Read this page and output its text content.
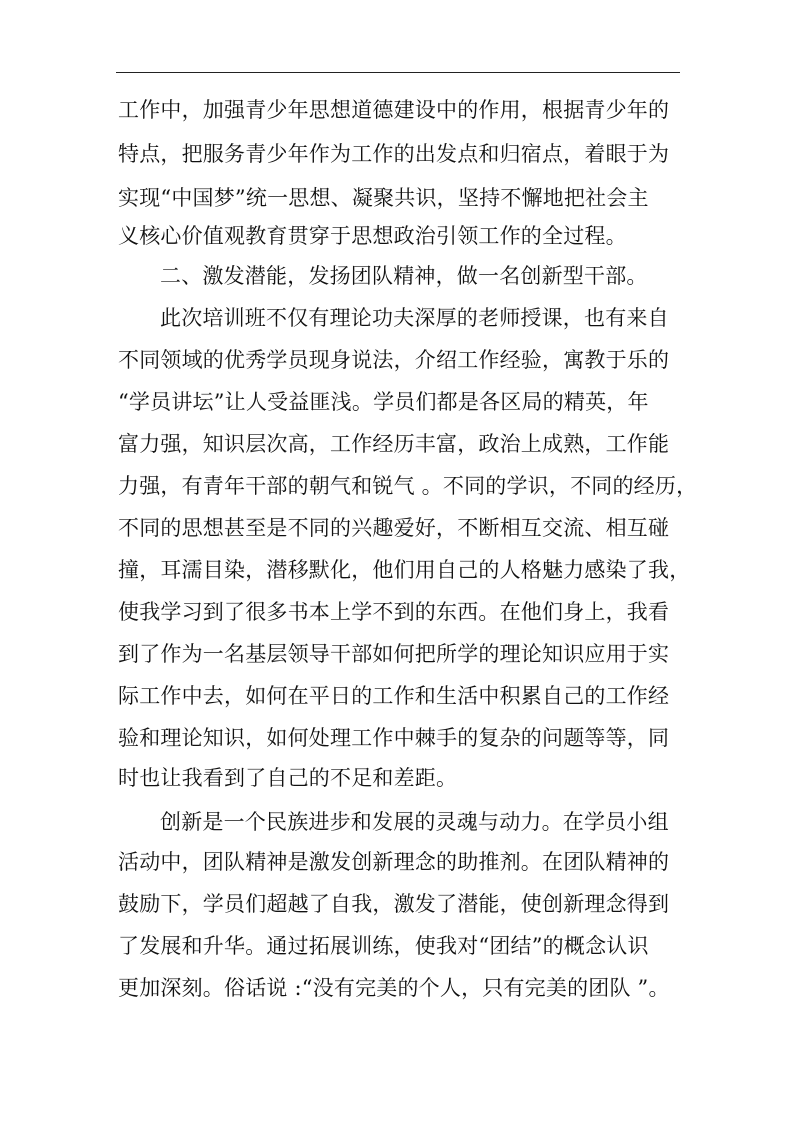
工作中，加强青少年思想道德建设中的作用，根据青少年的
特点，把服务青少年作为工作的出发点和归宿点，着眼于为
实现“中国梦”统一思想、凝聚共识，坚持不懈地把社会主
义核心价值观教育贯穿于思想政治引领工作的全过程。
二、激发潜能，发扬团队精神，做一名创新型干部。
此次培训班不仅有理论功夫深厚的老师授课，也有来自
不同领域的优秀学员现身说法，介绍工作经验，寓教于乐的
“学员讲坛”让人受益匪浅。学员们都是各区局的精英，年
富力强，知识层次高，工作经历丰富，政治上成熟，工作能
力强，有青年干部的朝气和锐气 。不同的学识，不同的经历，
不同的思想甚至是不同的兴趣爱好，不断相互交流、相互碰
撞，耳濡目染，潜移默化，他们用自己的人格魅力感染了我，
使我学习到了很多书本上学不到的东西。在他们身上，我看
到了作为一名基层领导干部如何把所学的理论知识应用于实
际工作中去，如何在平日的工作和生活中积累自己的工作经
验和理论知识，如何处理工作中棘手的复杂的问题等等，同
时也让我看到了自己的不足和差距。
创新是一个民族进步和发展的灵魂与动力。在学员小组
活动中，团队精神是激发创新理念的助推剂。在团队精神的
鼓励下，学员们超越了自我，激发了潜能，使创新理念得到
了发展和升华。通过拓展训练，使我对“团结”的概念认识
更加深刻。俗话说 :“没有完美的个人，只有完美的团队 ”。
